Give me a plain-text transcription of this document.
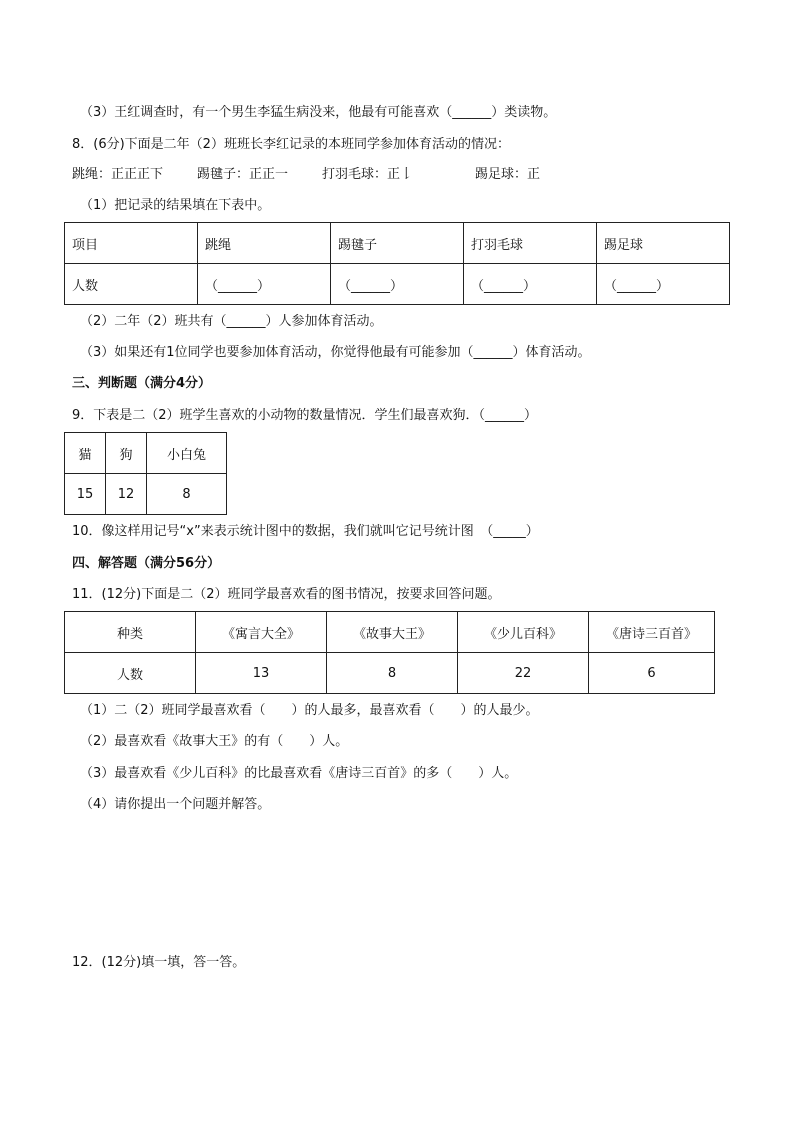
（3）王红调查时，有一个男生李猛生病没来，他最有可能喜欢（______）类读物。
8．(6分)下面是二年（2）班班长李红记录的本班同学参加体育活动的情况：
跳绳：正正正下	踢毽子：正正一	打羽毛球：正𠄌	踢足球：正
（1）把记录的结果填在下表中。
项目	跳绳	踢毽子	打羽毛球	踢足球
人数	（______）	（______）	（______）	（______）
（2）二年（2）班共有（______）人参加体育活动。
（3）如果还有1位同学也要参加体育活动，你觉得他最有可能参加（______）体育活动。
三、判断题（满分4分）
9．下表是二（2）班学生喜欢的小动物的数量情况．学生们最喜欢狗．（______）
猫	狗	小白兔
15	12	8
10．像这样用记号“x”来表示统计图中的数据，我们就叫它记号统计图　（_____）
四、解答题（满分56分）
11．(12分)下面是二（2）班同学最喜欢看的图书情况，按要求回答问题。
种类	《寓言大全》	《故事大王》	《少儿百科》	《唐诗三百首》
人数	13	8	22	6
（1）二（2）班同学最喜欢看（　　）的人最多，最喜欢看（　　）的人最少。
（2）最喜欢看《故事大王》的有（　　）人。
（3）最喜欢看《少儿百科》的比最喜欢看《唐诗三百首》的多（　　）人。
（4）请你提出一个问题并解答。
12．(12分)填一填，答一答。
